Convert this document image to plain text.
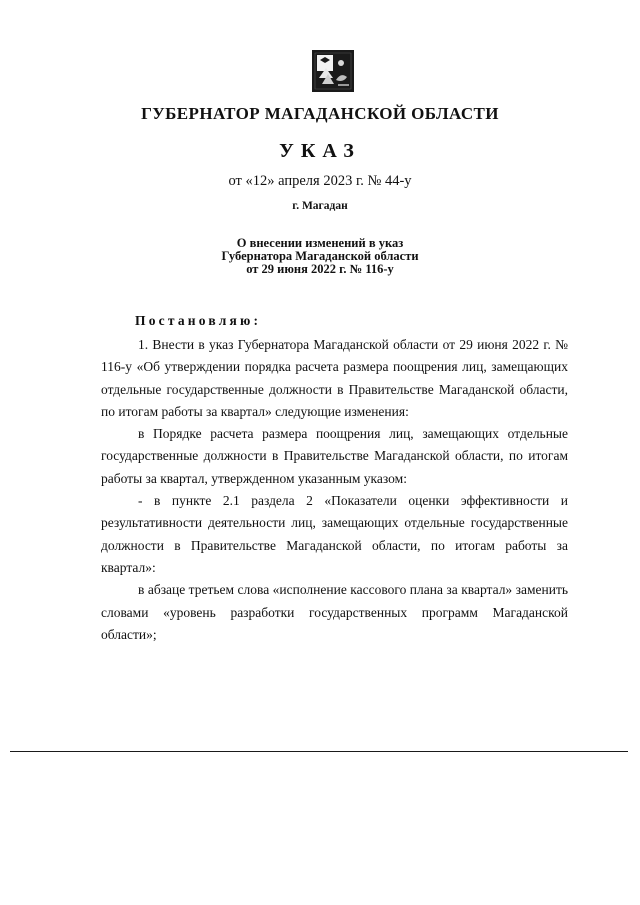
ГУБЕРНАТОР МАГАДАНСКОЙ ОБЛАСТИ
УКАЗ
от «12» апреля 2023 г. № 44-у
г. Магадан
О внесении изменений в указ
Губернатора Магаданской области
от 29 июня 2022 г. № 116-у
Постановляю:

1. Внести в указ Губернатора Магаданской области от 29 июня 2022 г. № 116-у «Об утверждении порядка расчета размера поощрения лиц, замещающих отдельные государственные должности в Правительстве Магаданской области, по итогам работы за квартал» следующие изменения:

в Порядке расчета размера поощрения лиц, замещающих отдельные государственные должности в Правительстве Магаданской области, по итогам работы за квартал, утвержденном указанным указом:

- в пункте 2.1 раздела 2 «Показатели оценки эффективности и результативности деятельности лиц, замещающих отдельные государственные должности в Правительстве Магаданской области, по итогам работы за квартал»:

в абзаце третьем слова «исполнение кассового плана за квартал» заменить словами «уровень разработки государственных программ Магаданской области»;
